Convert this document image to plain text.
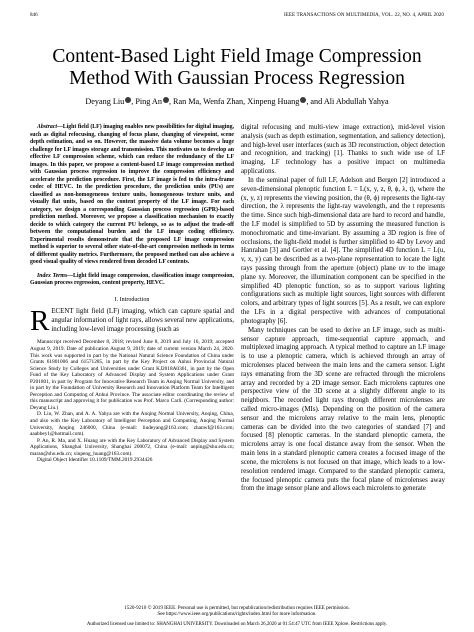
846	IEEE TRANSACTIONS ON MULTIMEDIA, VOL. 22, NO. 4, APRIL 2020
Content-Based Light Field Image Compression
Method With Gaussian Process Regression
Deyang Liu , Ping An , Ran Ma, Wenfa Zhan, Xinpeng Huang , and Ali Abdullah Yahya

Abstract—Light field (LF) imaging enables new possibilities for digital imaging, such as digital refocusing, changing of focus plane, changing of viewpoint, scene depth estimation, and so on. However, the massive data volume becomes a huge challenge for LF images storage and transmission. This motivates us to develop an effective LF compression scheme, which can reduce the redundancy of the LF images. In this paper, we propose a content-based LF image compression method with Gaussian process regression to improve the compression efficiency and accelerate the prediction procedure. First, the LF image is fed to the intra-frame codec of HEVC. In the prediction procedure, the prediction units (PUs) are classified as non-homogeneous texture units, homogeneous texture units, and visually flat units, based on the content property of the LF image. For each category, we design a corresponding Gaussian process regression (GPR)-based prediction method. Moreover, we propose a classification mechanism to exactly decide to which category the current PU belongs, so as to adjust the trade-off between the computational burden and the LF image coding efficiency. Experimental results demonstrate that the proposed LF image compression method is superior to several other state-of-the-art compression methods in terms of different quality metrics. Furthermore, the proposed method can also achieve a good visual quality of views rendered from decoded LF contents.

Index Terms—Light field image compression, classification image compression, Gaussian process regression, content property, HEVC.

I. Introduction

RECENT light field (LF) imaging, which can capture spatial and angular information of light rays, allows several new applications, including low-level image processing (such as

Manuscript received December 8, 2018; revised June 8, 2019 and July 16, 2019; accepted August 9, 2019. Date of publication August 9, 2019; date of current version March 24, 2020. This work was supported in part by the National Natural Science Foundation of China under Grants 61801006 and 61571285, in part by the Key Project on Anhui Provincial Natural Science Study by Colleges and Universities under Grant KJ2018A0361, in part by the Open Fund of the Key Laboratory of Advanced Display and System Applications under Grant P201801, in part by Program for Innovative Research Team in Anqing Normal University, and in part by the Foundation of University Research and Innovation Platform Team for Intelligent Perception and Computing of Anhui Province. The associate editor coordinating the review of this manuscript and approving it for publication was Prof. Marco Carli. (Corresponding author: Deyang Liu.)

D. Liu, W. Zhan, and A. A. Yahya are with the Anqing Normal University, Anqing, China, and also with the Key Laboratory of Intelligent Perception and Computing, Anqing Normal University, Anqing 246000, China (e-mail: liudeyang@163.com; zhanwf@163.com; aaabbey1@hotmail.com).

P. An, R. Ma, and X. Huang are with the Key Laboratory of Advanced Display and System Applications, Shanghai University, Shanghai 200072, China (e-mail: anping@shu.edu.cn; maran@shu.edu.cn; xinpeng_huang@163.com).

Digital Object Identifier 10.1109/TMM.2019.2934426

digital refocusing and multi-view image extraction), mid-level vision analysis (such as depth estimation, segmentation, and saliency detection), and high-level user interfaces (such as 3D reconstruction, object detection and recognition, and tracking) [1]. Thanks to such wide use of LF imaging, LF technology has a positive impact on multimedia applications.

In the seminal paper of full LF, Adelson and Bergen [2] introduced a seven-dimensional plenoptic function L = L(x, y, z, θ, ϕ, λ, t), where the (x, y, z) represents the viewing position, the (θ, ϕ) represents the light-ray direction, the λ represents the light-ray wavelength, and the t represents the time. Since such high-dimensional data are hard to record and handle, the LF model is simplified to 5D by assuming the measured function is monochromatic and time-invariant. By assuming a 3D region is free of occlusions, the light-field model is further simplified to 4D by Levoy and Hanrahan [3] and Gortler et al. [4]. The simplified 4D function L = L(u, v, x, y) can be described as a two-plane representation to locate the light rays passing through from the aperture (object) plane uv to the image plane xy. Moreover, the illumination component can be specified in the simplified 4D plenoptic function, so as to support various lighting configurations such as multiple light sources, light sources with different colors, and arbitrary types of light sources [5]. As a result, we can explore the LFs in a digital perspective with advances of computational photography [6].

Many techniques can be used to derive an LF image, such as multi-sensor capture approach, time-sequential capture approach, and multiplexed imaging approach. A typical method to capture an LF image is to use a plenoptic camera, which is achieved through an array of microlenses placed between the main lens and the camera sensor. Light rays emanating from the 3D scene are refracted through the microlens array and recorded by a 2D image sensor. Each microlens captures one perspective view of the 3D scene at a slightly different angle to its neighbors. The recorded light rays through different microlenses are called micro-images (MIs). Depending on the position of the camera sensor and the microlens array relative to the main lens, plenoptic cameras can be divided into the two categories of standard [7] and focused [8] plenoptic cameras. In the standard plenoptic camera, the microlens array is one focal distance away from the sensor. When the main lens in a standard plenoptic camera creates a focused image of the scene, the microlens is not focused on that image, which leads to a low-resolution rendered image. Compared to the standard plenoptic camera, the focused plenoptic camera puts the focal plane of microlenses away from the image sensor plane and allows each microlens to generate

1520-9210 © 2019 IEEE. Personal use is permitted, but republication/redistribution requires IEEE permission.
See https://www.ieee.org/publications/rights/index.html for more information.
Authorized licensed use limited to: SHANGHAI UNIVERSITY. Downloaded on March 26,2020 at 01:54:47 UTC from IEEE Xplore. Restrictions apply.
